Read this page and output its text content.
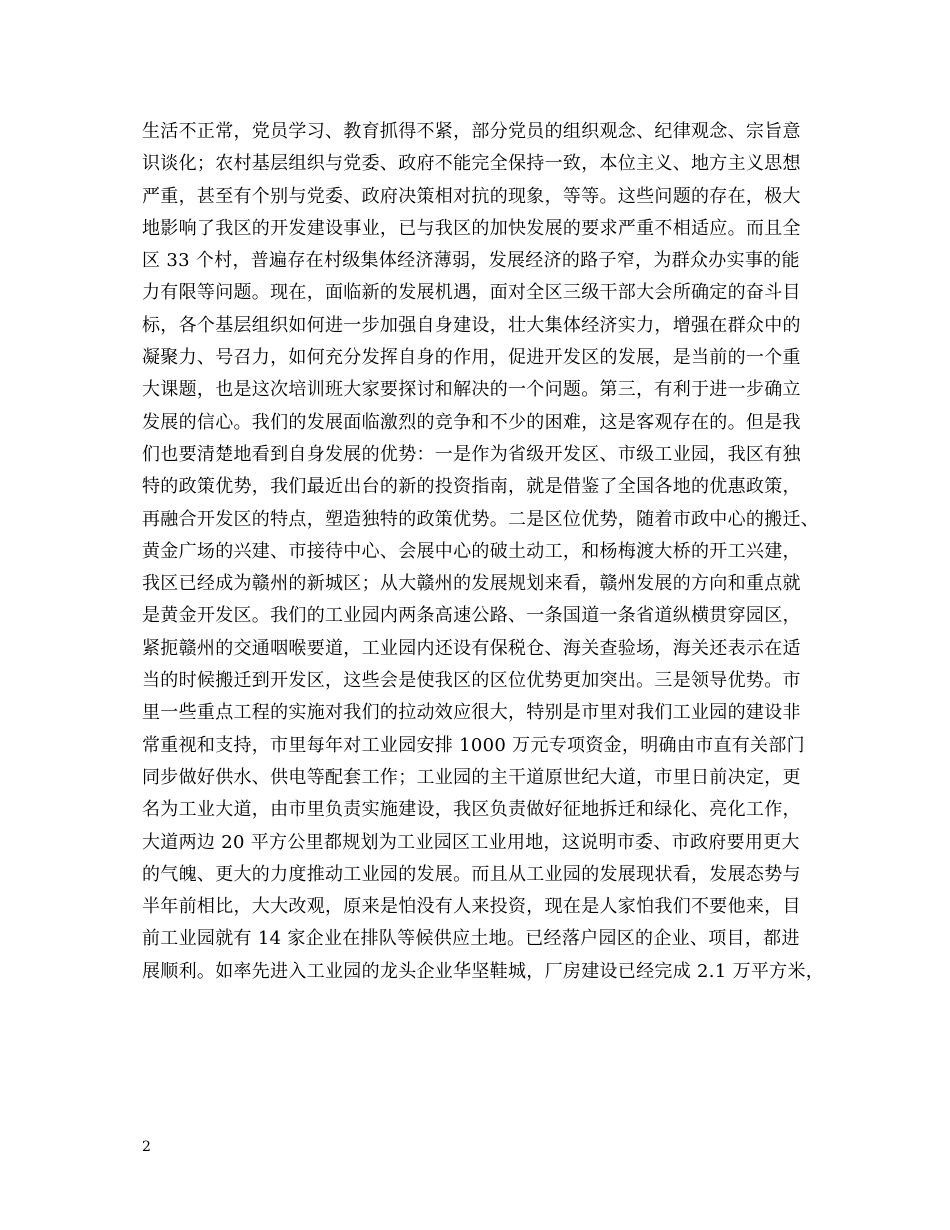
生活不正常，党员学习、教育抓得不紧，部分党员的组织观念、纪律观念、宗旨意
识谈化；农村基层组织与党委、政府不能完全保持一致，本位主义、地方主义思想
严重，甚至有个别与党委、政府决策相对抗的现象，等等。这些问题的存在，极大
地影响了我区的开发建设事业，已与我区的加快发展的要求严重不相适应。而且全
区 33 个村，普遍存在村级集体经济薄弱，发展经济的路子窄，为群众办实事的能
力有限等问题。现在，面临新的发展机遇，面对全区三级干部大会所确定的奋斗目
标，各个基层组织如何进一步加强自身建设，壮大集体经济实力，增强在群众中的
凝聚力、号召力，如何充分发挥自身的作用，促进开发区的发展，是当前的一个重
大课题，也是这次培训班大家要探讨和解决的一个问题。第三，有利于进一步确立
发展的信心。我们的发展面临激烈的竞争和不少的困难，这是客观存在的。但是我
们也要清楚地看到自身发展的优势：一是作为省级开发区、市级工业园，我区有独
特的政策优势，我们最近出台的新的投资指南，就是借鉴了全国各地的优惠政策，
再融合开发区的特点，塑造独特的政策优势。二是区位优势，随着市政中心的搬迁、
黄金广场的兴建、市接待中心、会展中心的破土动工，和杨梅渡大桥的开工兴建，
我区已经成为赣州的新城区；从大赣州的发展规划来看，赣州发展的方向和重点就
是黄金开发区。我们的工业园内两条高速公路、一条国道一条省道纵横贯穿园区，
紧扼赣州的交通咽喉要道，工业园内还设有保税仓、海关查验场，海关还表示在适
当的时候搬迁到开发区，这些会是使我区的区位优势更加突出。三是领导优势。市
里一些重点工程的实施对我们的拉动效应很大，特别是市里对我们工业园的建设非
常重视和支持，市里每年对工业园安排 1000 万元专项资金，明确由市直有关部门
同步做好供水、供电等配套工作；工业园的主干道原世纪大道，市里日前决定，更
名为工业大道，由市里负责实施建设，我区负责做好征地拆迁和绿化、亮化工作，
大道两边 20 平方公里都规划为工业园区工业用地，这说明市委、市政府要用更大
的气魄、更大的力度推动工业园的发展。而且从工业园的发展现状看，发展态势与
半年前相比，大大改观，原来是怕没有人来投资，现在是人家怕我们不要他来，目
前工业园就有 14 家企业在排队等候供应土地。已经落户园区的企业、项目，都进
展顺利。如率先进入工业园的龙头企业华坚鞋城，厂房建设已经完成 2.1 万平方米，
2
